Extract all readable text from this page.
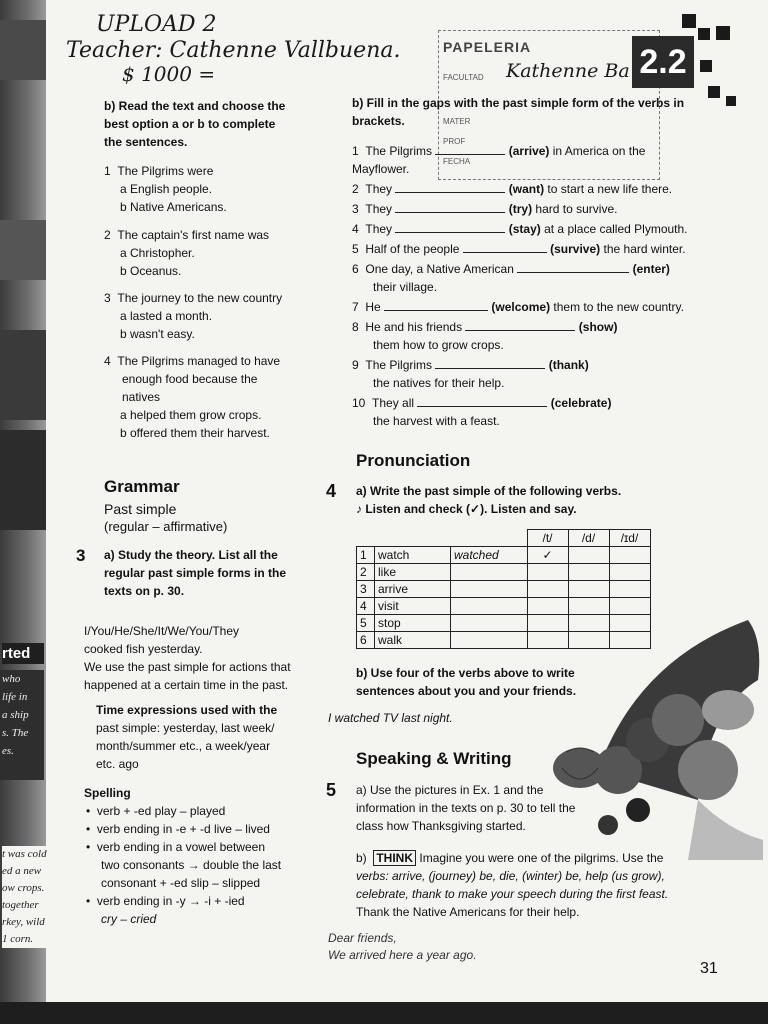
rted
who
life in
a ship
s. The
es.
t was cold
ed a new
ow crops.
together
rkey, wild
1 corn.
UPLOAD 2
Teacher: Cathenne Vallbuena.
$ 1000 =
PAPELERIA
FACULTAD
MATER
PROF
FECHA
Kathenne Ba 2.2
b) Read the text and choose the
best option a or b to complete
the sentences.
1 The Pilgrims were
a English people.
b Native Americans.
2 The captain's first name was
a Christopher.
b Oceanus.
3 The journey to the new country
a lasted a month.
b wasn't easy.
4 The Pilgrims managed to have
enough food because the
natives
a helped them grow crops.
b offered them their harvest.
Grammar
Past simple
(regular – affirmative)
3 a) Study the theory. List all the
regular past simple forms in the
texts on p. 30.
I/You/He/She/It/We/You/They
cooked fish yesterday.
We use the past simple for actions that
happened at a certain time in the past.
Time expressions used with the
past simple: yesterday, last week/
month/summer etc., a week/year
etc. ago
Spelling
•  verb + -ed play – played
•  verb ending in -e + -d live – lived
•  verb ending in a vowel between
two consonants → double the last
consonant + -ed slip – slipped
•  verb ending in -y → -i + -ied
cry – cried
b) Fill in the gaps with the past simple form of the verbs in
brackets.
1 The Pilgrims	(arrive) in America on the Mayflower.
2 They	(want) to start a new life there.
3 They	(try) hard to survive.
4 They	(stay) at a place called Plymouth.
5 Half of the people	(survive) the hard winter.
6 One day, a Native American	(enter)
their village.
7 He	(welcome) them to the new country.
8 He and his friends	(show)
them how to grow crops.
9 The Pilgrims	(thank)
the natives for their help.
10 They all	(celebrate)
the harvest with a feast.
Pronunciation
4 a) Write the past simple of the following verbs.
♪ Listen and check (✓). Listen and say.
			/t/	/d/	/ɪd/
1	watch	watched	✓		
2	like				
3	arrive				
4	visit				
5	stop				
6	walk				
b) Use four of the verbs above to write
sentences about you and your friends.
I watched TV last night.
Speaking & Writing
5 a) Use the pictures in Ex. 1 and the
information in the texts on p. 30 to tell the
class how Thanksgiving started.
b)  THINK Imagine you were one of the pilgrims. Use the
verbs: arrive, (journey) be, die, (winter) be, help (us grow),
celebrate, thank to make your speech during the first feast.
Thank the Native Americans for their help.
Dear friends,
We arrived here a year ago.
31
